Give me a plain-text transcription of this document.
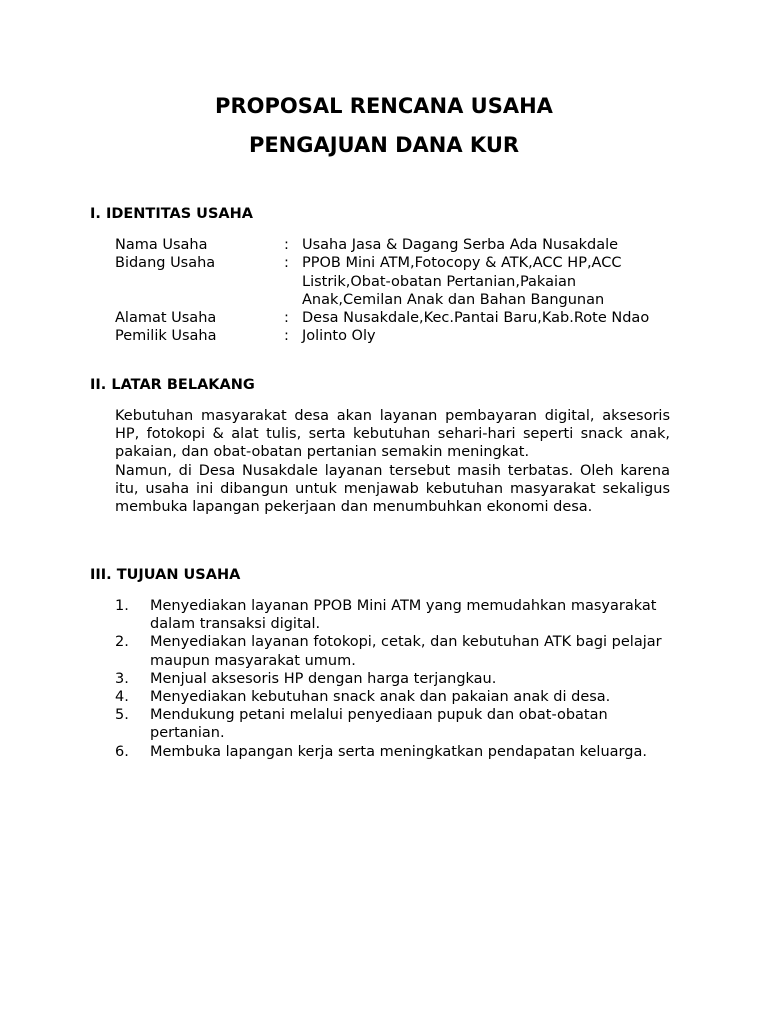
PROPOSAL RENCANA USAHA
PENGAJUAN DANA KUR
I. IDENTITAS USAHA
Nama Usaha	: Usaha Jasa & Dagang Serba Ada Nusakdale
Bidang Usaha	: PPOB Mini ATM,Fotocopy & ATK,ACC HP,ACC Listrik,Obat-obatan Pertanian,Pakaian Anak,Cemilan Anak dan Bahan Bangunan
Alamat Usaha	: Desa Nusakdale,Kec.Pantai Baru,Kab.Rote Ndao
Pemilik Usaha	: Jolinto Oly
II. LATAR BELAKANG

Kebutuhan masyarakat desa akan layanan pembayaran digital, aksesoris HP, fotokopi & alat tulis, serta kebutuhan sehari-hari seperti snack anak, pakaian, dan obat-obatan pertanian semakin meningkat.

Namun, di Desa Nusakdale layanan tersebut masih terbatas. Oleh karena itu, usaha ini dibangun untuk menjawab kebutuhan masyarakat sekaligus membuka lapangan pekerjaan dan menumbuhkan ekonomi desa.

III. TUJUAN USAHA
1.	Menyediakan layanan PPOB Mini ATM yang memudahkan masyarakat dalam transaksi digital.
2.	Menyediakan layanan fotokopi, cetak, dan kebutuhan ATK bagi pelajar maupun masyarakat umum.
3.	Menjual aksesoris HP dengan harga terjangkau.
4.	Menyediakan kebutuhan snack anak dan pakaian anak di desa.
5.	Mendukung petani melalui penyediaan pupuk dan obat-obatan pertanian.
6.	Membuka lapangan kerja serta meningkatkan pendapatan keluarga.
